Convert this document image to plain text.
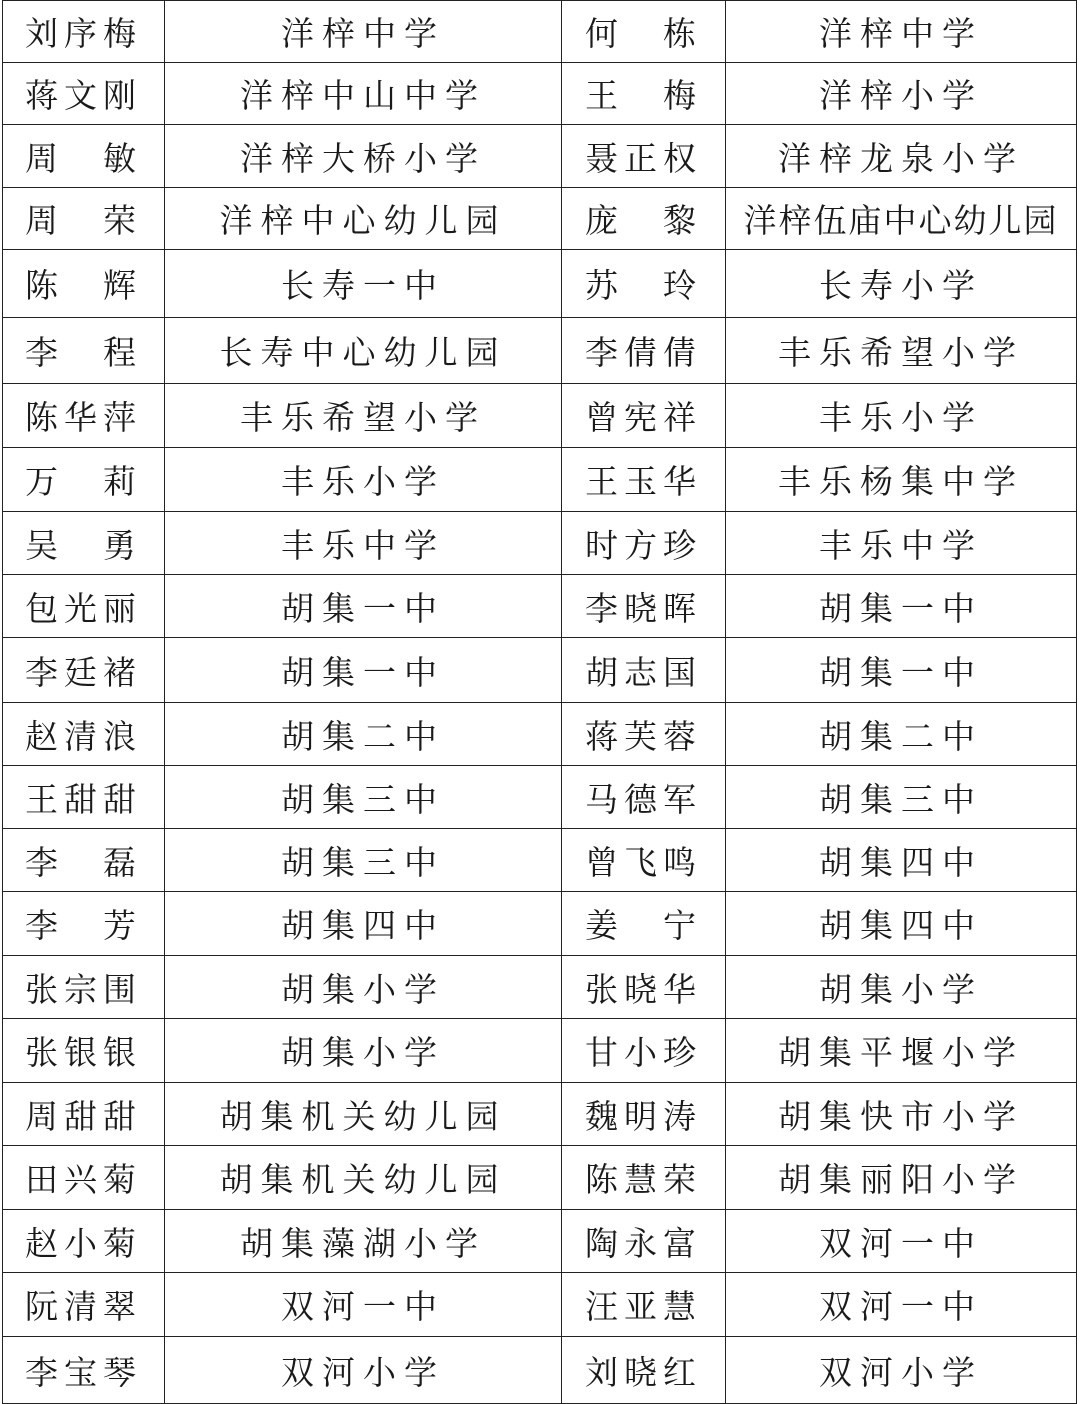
刘序梅	洋梓中学	何　栋	洋梓中学
蒋文刚	洋梓中山中学	王　梅	洋梓小学
周　敏	洋梓大桥小学	聂正权	洋梓龙泉小学
周　荣	洋梓中心幼儿园	庞　黎	洋梓伍庙中心幼儿园
陈　辉	长寿一中	苏　玲	长寿小学
李　程	长寿中心幼儿园	李倩倩	丰乐希望小学
陈华萍	丰乐希望小学	曾宪祥	丰乐小学
万　莉	丰乐小学	王玉华	丰乐杨集中学
吴　勇	丰乐中学	时方珍	丰乐中学
包光丽	胡集一中	李晓晖	胡集一中
李廷褚	胡集一中	胡志国	胡集一中
赵清浪	胡集二中	蒋芙蓉	胡集二中
王甜甜	胡集三中	马德军	胡集三中
李　磊	胡集三中	曾飞鸣	胡集四中
李　芳	胡集四中	姜　宁	胡集四中
张宗围	胡集小学	张晓华	胡集小学
张银银	胡集小学	甘小珍	胡集平堰小学
周甜甜	胡集机关幼儿园	魏明涛	胡集快市小学
田兴菊	胡集机关幼儿园	陈慧荣	胡集丽阳小学
赵小菊	胡集藻湖小学	陶永富	双河一中
阮清翠	双河一中	汪亚慧	双河一中
李宝琴	双河小学	刘晓红	双河小学
